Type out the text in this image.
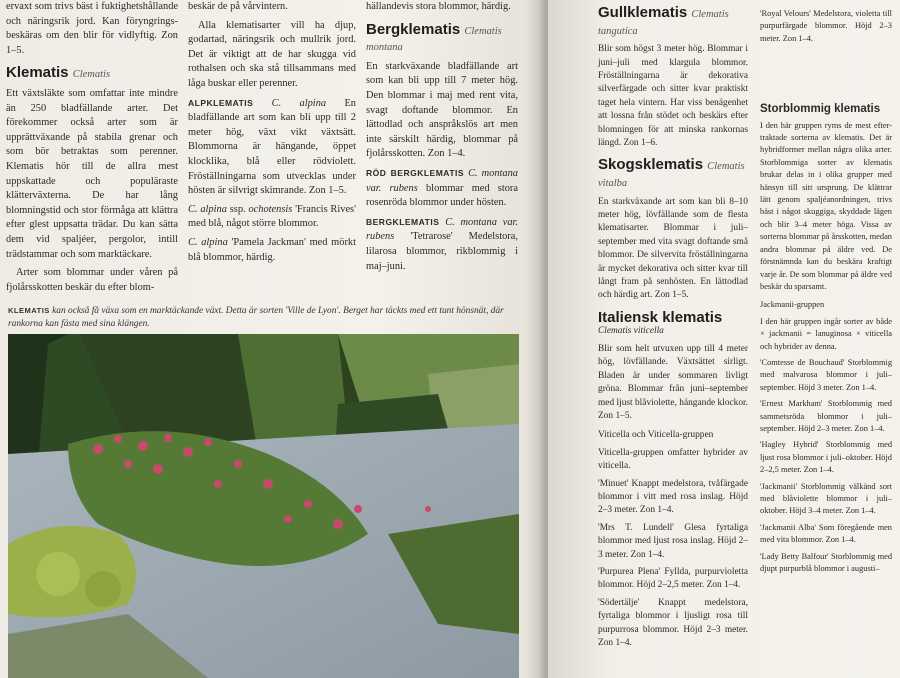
ervaxt som trivs bäst i fuktighetshållande och näringsrik jord. Kan föryngrings-beskäras om den blir för vidlyftig. Zon 1–5.

Klematis Clematis

Ett växtsläkte som omfattar inte mindre än 250 bladfällande arter. Det förekommer också arter som är upprättväxande på stabila grenar och som bör betraktas som perenner. Klematis hör till de allra mest uppskattade och populäraste klätterväxterna. De har lång blomningstid och stor förmåga att klättra efter glest uppsatta trädar. Du kan sätta dem vid spaljéer, pergolor, intill trädstammar och som marktäckare.

Arter som blommar under våren på fjolårsskotten beskär du efter blom-

beskär de på vårvintern.

Alla klematisarter vill ha djup, godartad, näringsrik och mullrik jord. Det är viktigt att de har skugga vid rothalsen och ska stå tillsammans med låga buskar eller perenner.

ALPKLEMATIS C. alpina En bladfällande art som kan bli upp till 2 meter hög, växt vikt växtsätt. Blommorna är hängande, öppet klocklika, blå eller rödviolett. Fröställningarna som utvecklas under hösten är silvrigt skimrande. Zon 1–5.

C. alpina ssp. ochotensis 'Francis Rives' med blå, något större blommor.

C. alpina 'Pamela Jackman' med mörkt blå blommor, härdig.

hällandevis stora blommor, härdig.

Bergklematis Clematis montana

En starkväxande bladfällande art som kan bli upp till 7 meter hög. Den blommar i maj med rent vita, svagt doftande blommor. En lättodlad och anspråkslös art men inte särskilt härdig, blommar på fjolårsskotten. Zon 1–4.

RÖD BERGKLEMATIS C. montana var. rubens blommar med stora rosenröda blommor under hösten.

BERGKLEMATIS C. montana var. rubens 'Tetrarose' Medelstora, lilarosa blommor, rikblommig i maj–juni.

KLEMATIS kan också få växa som en marktäckande växt. Detta är sorten 'Ville de Lyon'. Berget har täckts med ett tunt hönsnät, där rankorna kan fästa med sina klängen.
Gullklematis Clematis tangutica

Blir som högst 3 meter hög. Blommar i juni–juli med klargula blommor. Fröställningarna är dekorativa silverfärgade och sitter kvar praktiskt taget hela vintern. Har viss benägenhet att lossna från stödet och beskärs efter blomningen för att minska rankornas längd. Zon 1–6.

Skogsklematis Clematis vitalba

En starkväxande art som kan bli 8–10 meter hög, lövfällande som de flesta klematisarter. Blommar i juli–september med vita svagt doftande små blommor. De silvervita fröställningarna är mycket dekorativa och sitter kvar till långt fram på senhösten. En lättodlad och härdig art. Zon 1–5.

Italiensk klematis

Clematis viticella

Blir som helt utvuxen upp till 4 meter hög, lövfällande. Växtsättet sirligt. Bladen är under sommaren livligt gröna. Blommar från juni–september med ljust blåviolette, hängande klockor. Zon 1–5.

Viticella och Viticella-gruppen

Viticella-gruppen omfatter hybrider av viticella.

'Minuet' Knappt medelstora, tvåfärgade blommor i vitt med rosa inslag. Höjd 2–3 meter. Zon 1–4.

'Mrs T. Lundell' Glesa fyrtaliga blommor med ljust rosa inslag. Höjd 2–3 meter. Zon 1–4.

'Purpurea Plena' Fyllda, purpurvioletta blommor. Höjd 2–2,5 meter. Zon 1–4.

'Södertälje' Knappt medelstora, fyrtaliga blommor i ljusligt rosa till purpurrosa blommor. Höjd 2–3 meter. Zon 1–4.

'Royal Velours' Medelstora, violetta till purpurfärgade blommor. Höjd 2–3 meter. Zon 1–4.

Storblommig klematis

I den här gruppen ryms de mest efter-traktade sorterna av klematis. Det är hybridformer mellan några olika arter. Storblommiga sorter av klematis brukar delas in i olika grupper med hänsyn till sitt ursprung. De klättrar lätt genom spaljéanordningen, trivs bäst i något skuggiga, skyddade lägen och blir 3–4 meter höga. Vissa av sorterna blommar på årsskotten, medan andra blommar på äldre ved. De förstnämnda kan du beskära kraftigt varje år. De som blommar på äldre ved beskär du sparsamt.

Jackmanii-gruppen

I den här gruppen ingår sorter av både × jackmanii = lanuginosa × viticella och hybrider av denna.

'Comtesse de Bouchaud' Storblommig med malvarosa blommor i juli–september. Höjd 3 meter. Zon 1–4.

'Ernest Markham' Storblommig med sammetsröda blommor i juli–september. Höjd 2–3 meter. Zon 1–4.

'Hagley Hybrid' Storblommig med ljust rosa blommor i juli–oktober. Höjd 2–2,5 meter. Zon 1–4.

'Jackmanii' Storblommig välkänd sort med blåviolette blommor i juli–oktober. Höjd 3–4 meter. Zon 1–4.

'Jackmanii Alba' Som föregående men med vita blommor. Zon 1–4.

'Lady Betty Balfour' Storblommig med djupt purpurblå blommor i augusti–
